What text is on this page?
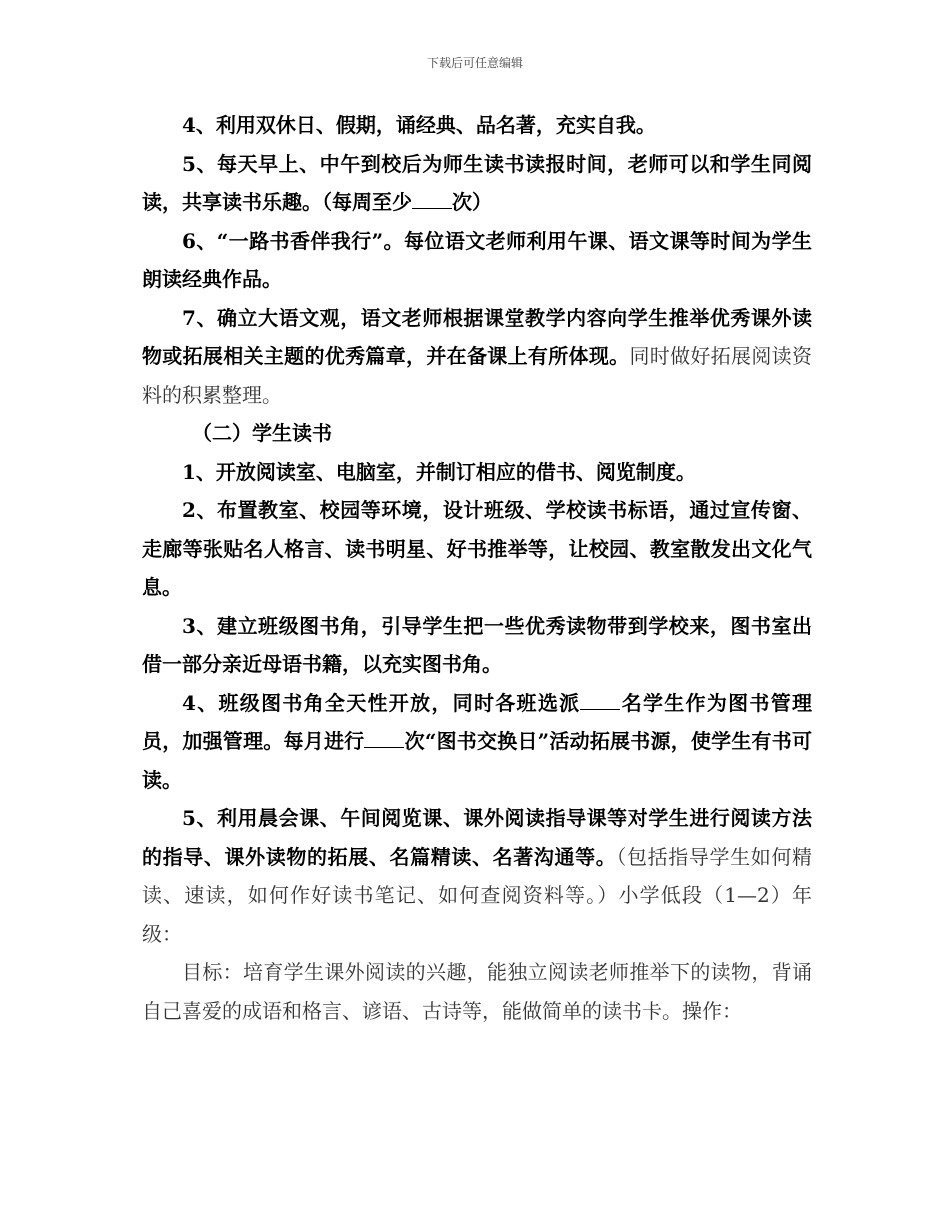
下载后可任意编辑

4、利用双休日、假期，诵经典、品名著，充实自我。

5、每天早上、中午到校后为师生读书读报时间，老师可以和学生同阅读，共享读书乐趣。（每周至少 次）

6、“一路书香伴我行”。每位语文老师利用午课、语文课等时间为学生朗读经典作品。

7、确立大语文观，语文老师根据课堂教学内容向学生推举优秀课外读物或拓展相关主题的优秀篇章，并在备课上有所体现。同时做好拓展阅读资料的积累整理。

（二）学生读书

1、开放阅读室、电脑室，并制订相应的借书、阅览制度。

2、布置教室、校园等环境，设计班级、学校读书标语，通过宣传窗、走廊等张贴名人格言、读书明星、好书推举等，让校园、教室散发出文化气息。

3、建立班级图书角，引导学生把一些优秀读物带到学校来，图书室出借一部分亲近母语书籍，以充实图书角。

4、班级图书角全天性开放，同时各班选派 名学生作为图书管理员，加强管理。每月进行 次“图书交换日”活动拓展书源，使学生有书可读。

5、利用晨会课、午间阅览课、课外阅读指导课等对学生进行阅读方法的指导、课外读物的拓展、名篇精读、名著沟通等。（包括指导学生如何精读、速读，如何作好读书笔记、如何查阅资料等。）小学低段（1—2）年级：

目标：培育学生课外阅读的兴趣，能独立阅读老师推举下的读物，背诵自己喜爱的成语和格言、谚语、古诗等，能做简单的读书卡。操作：
